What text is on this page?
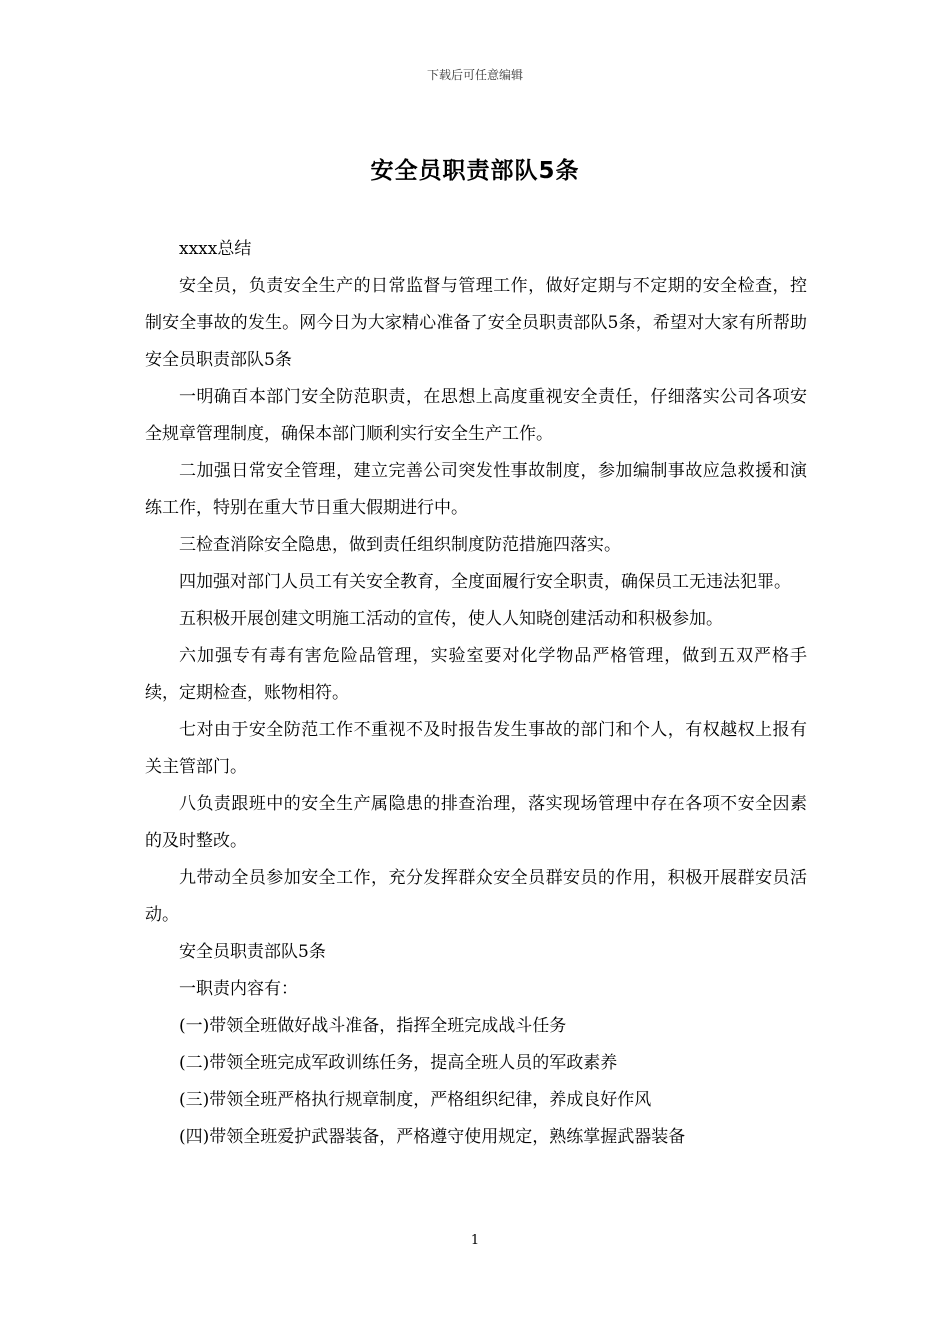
下载后可任意编辑
安全员职责部队5条

xxxx总结

安全员，负责安全生产的日常监督与管理工作，做好定期与不定期的安全检查，控制安全事故的发生。网今日为大家精心准备了安全员职责部队5条，希望对大家有所帮助安全员职责部队5条

一明确百本部门安全防范职责，在思想上高度重视安全责任，仔细落实公司各项安全规章管理制度，确保本部门顺利实行安全生产工作。

二加强日常安全管理，建立完善公司突发性事故制度，参加编制事故应急救援和演练工作，特别在重大节日重大假期进行中。

三检查消除安全隐患，做到责任组织制度防范措施四落实。

四加强对部门人员工有关安全教育，全度面履行安全职责，确保员工无违法犯罪。

五积极开展创建文明施工活动的宣传，使人人知晓创建活动和积极参加。

六加强专有毒有害危险品管理，实验室要对化学物品严格管理，做到五双严格手续，定期检查，账物相符。

七对由于安全防范工作不重视不及时报告发生事故的部门和个人，有权越权上报有关主管部门。

八负责跟班中的安全生产属隐患的排查治理，落实现场管理中存在各项不安全因素的及时整改。

九带动全员参加安全工作，充分发挥群众安全员群安员的作用，积极开展群安员活动。

安全员职责部队5条

一职责内容有：

(一)带领全班做好战斗准备，指挥全班完成战斗任务

(二)带领全班完成军政训练任务，提高全班人员的军政素养

(三)带领全班严格执行规章制度，严格组织纪律，养成良好作风

(四)带领全班爱护武器装备，严格遵守使用规定，熟练掌握武器装备

1
